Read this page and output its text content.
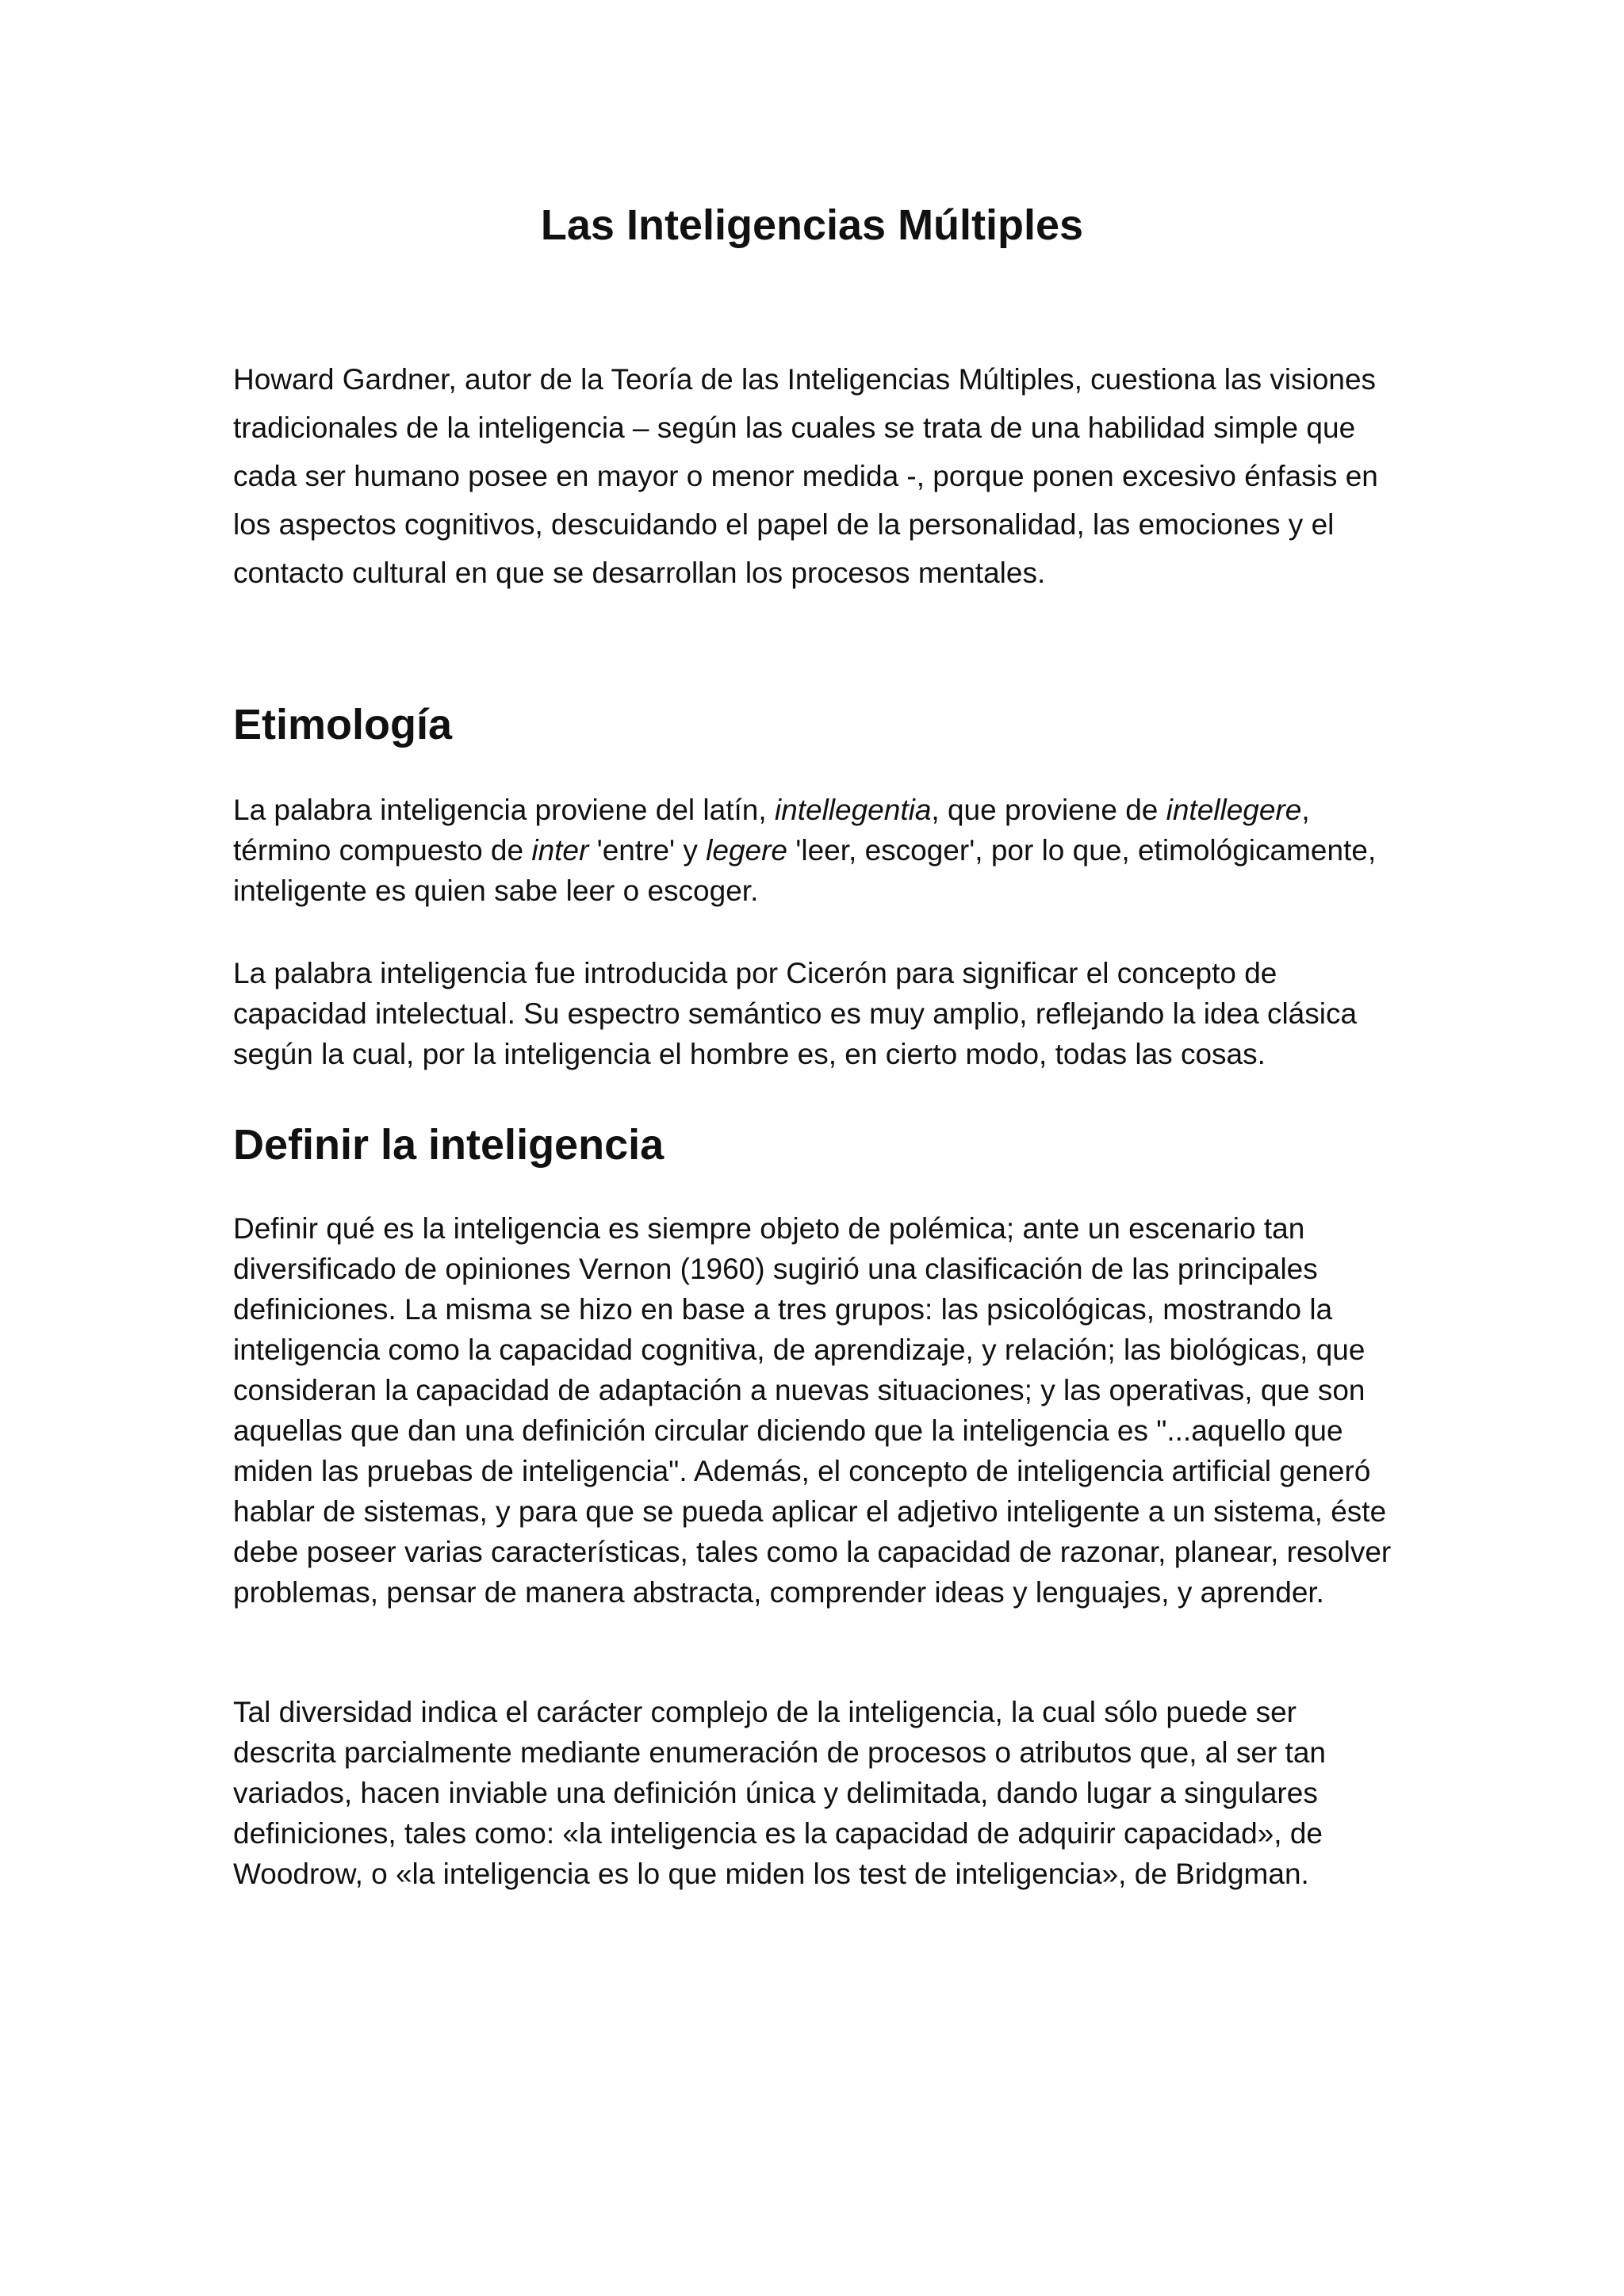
Las Inteligencias Múltiples

Howard Gardner, autor de la Teoría de las Inteligencias Múltiples, cuestiona las visiones tradicionales de la inteligencia – según las cuales se trata de una habilidad simple que cada ser humano posee en mayor o menor medida -, porque ponen excesivo énfasis en los aspectos cognitivos, descuidando el papel de la personalidad, las emociones y el contacto cultural en que se desarrollan los procesos mentales.

Etimología

La palabra inteligencia proviene del latín, intellegentia, que proviene de intellegere, término compuesto de inter 'entre' y legere 'leer, escoger', por lo que, etimológicamente, inteligente es quien sabe leer o escoger.

La palabra inteligencia fue introducida por Cicerón para significar el concepto de capacidad intelectual. Su espectro semántico es muy amplio, reflejando la idea clásica según la cual, por la inteligencia el hombre es, en cierto modo, todas las cosas.

Definir la inteligencia

Definir qué es la inteligencia es siempre objeto de polémica; ante un escenario tan diversificado de opiniones Vernon (1960) sugirió una clasificación de las principales definiciones. La misma se hizo en base a tres grupos: las psicológicas, mostrando la inteligencia como la capacidad cognitiva, de aprendizaje, y relación; las biológicas, que consideran la capacidad de adaptación a nuevas situaciones; y las operativas, que son aquellas que dan una definición circular diciendo que la inteligencia es "...aquello que miden las pruebas de inteligencia". Además, el concepto de inteligencia artificial generó hablar de sistemas, y para que se pueda aplicar el adjetivo inteligente a un sistema, éste debe poseer varias características, tales como la capacidad de razonar, planear, resolver problemas, pensar de manera abstracta, comprender ideas y lenguajes, y aprender.

Tal diversidad indica el carácter complejo de la inteligencia, la cual sólo puede ser descrita parcialmente mediante enumeración de procesos o atributos que, al ser tan variados, hacen inviable una definición única y delimitada, dando lugar a singulares definiciones, tales como: «la inteligencia es la capacidad de adquirir capacidad», de Woodrow, o «la inteligencia es lo que miden los test de inteligencia», de Bridgman.
